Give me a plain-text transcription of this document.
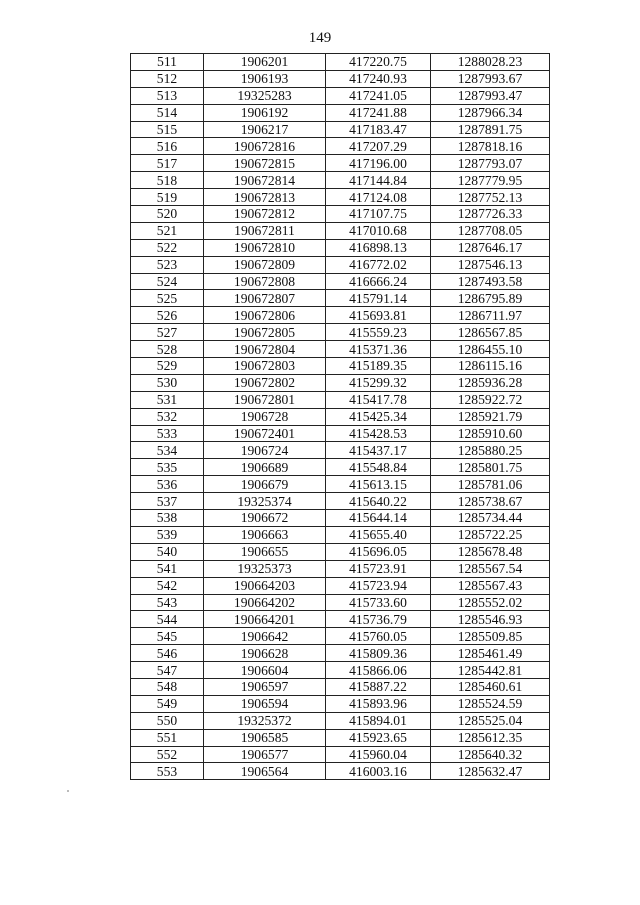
149
511	1906201	417220.75	1288028.23
512	1906193	417240.93	1287993.67
513	19325283	417241.05	1287993.47
514	1906192	417241.88	1287966.34
515	1906217	417183.47	1287891.75
516	190672816	417207.29	1287818.16
517	190672815	417196.00	1287793.07
518	190672814	417144.84	1287779.95
519	190672813	417124.08	1287752.13
520	190672812	417107.75	1287726.33
521	190672811	417010.68	1287708.05
522	190672810	416898.13	1287646.17
523	190672809	416772.02	1287546.13
524	190672808	416666.24	1287493.58
525	190672807	415791.14	1286795.89
526	190672806	415693.81	1286711.97
527	190672805	415559.23	1286567.85
528	190672804	415371.36	1286455.10
529	190672803	415189.35	1286115.16
530	190672802	415299.32	1285936.28
531	190672801	415417.78	1285922.72
532	1906728	415425.34	1285921.79
533	190672401	415428.53	1285910.60
534	1906724	415437.17	1285880.25
535	1906689	415548.84	1285801.75
536	1906679	415613.15	1285781.06
537	19325374	415640.22	1285738.67
538	1906672	415644.14	1285734.44
539	1906663	415655.40	1285722.25
540	1906655	415696.05	1285678.48
541	19325373	415723.91	1285567.54
542	190664203	415723.94	1285567.43
543	190664202	415733.60	1285552.02
544	190664201	415736.79	1285546.93
545	1906642	415760.05	1285509.85
546	1906628	415809.36	1285461.49
547	1906604	415866.06	1285442.81
548	1906597	415887.22	1285460.61
549	1906594	415893.96	1285524.59
550	19325372	415894.01	1285525.04
551	1906585	415923.65	1285612.35
552	1906577	415960.04	1285640.32
553	1906564	416003.16	1285632.47
